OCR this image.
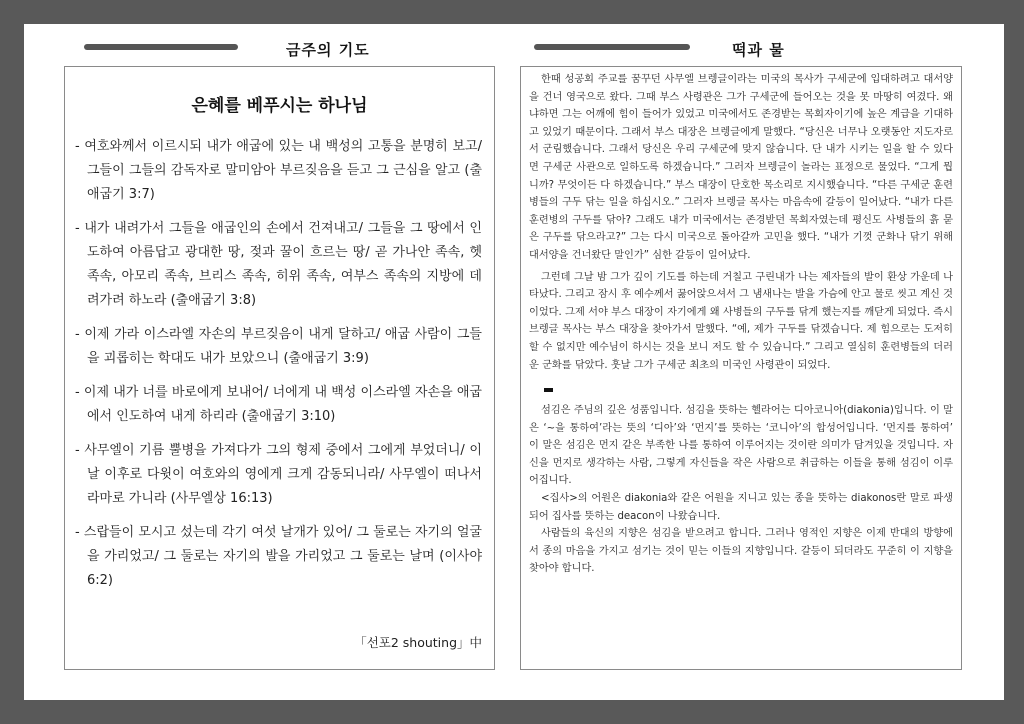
금주의 기도
은혜를 베푸시는 하나님

- 여호와께서 이르시되 내가 애굽에 있는 내 백성의 고통을 분명히 보고/ 그들이 그들의 감독자로 말미암아 부르짖음을 듣고 그 근심을 알고 (출애굽기 3:7)

- 내가 내려가서 그들을 애굽인의 손에서 건져내고/ 그들을 그 땅에서 인도하여 아름답고 광대한 땅, 젖과 꿀이 흐르는 땅/ 곧 가나안 족속, 헷 족속, 아모리 족속, 브리스 족속, 히위 족속, 여부스 족속의 지방에 데려가려 하노라 (출애굽기 3:8)

- 이제 가라 이스라엘 자손의 부르짖음이 내게 달하고/ 애굽 사람이 그들을 괴롭히는 학대도 내가 보았으니 (출애굽기 3:9)

- 이제 내가 너를 바로에게 보내어/ 너에게 내 백성 이스라엘 자손을 애굽에서 인도하여 내게 하리라 (출애굽기 3:10)

- 사무엘이 기름 뿔병을 가져다가 그의 형제 중에서 그에게 부었더니/ 이 날 이후로 다윗이 여호와의 영에게 크게 감동되니라/ 사무엘이 떠나서 라마로 가니라 (사무엘상 16:13)

- 스랍들이 모시고 섰는데 각기 여섯 날개가 있어/ 그 둘로는 자기의 얼굴을 가리었고/ 그 둘로는 자기의 발을 가리었고 그 둘로는 날며 (이사야 6:2)

「선포2 shouting」中
떡과 물

한때 성공회 주교를 꿈꾸던 사무엘 브렝글이라는 미국의 목사가 구세군에 입대하려고 대서양을 건너 영국으로 왔다. 그때 부스 사령관은 그가 구세군에 들어오는 것을 못 마땅히 여겼다. 왜냐하면 그는 어깨에 힘이 들어가 있었고 미국에서도 존경받는 목회자이기에 높은 계급을 기대하고 있었기 때문이다. 그래서 부스 대장은 브렝글에게 말했다. “당신은 너무나 오랫동안 지도자로서 군림했습니다. 그래서 당신은 우리 구세군에 맞지 않습니다. 단 내가 시키는 일을 할 수 있다면 구세군 사관으로 일하도록 하겠습니다.” 그러자 브렝글이 놀라는 표정으로 물었다. “그게 뭡니까? 무엇이든 다 하겠습니다.” 부스 대장이 단호한 목소리로 지시했습니다. “다른 구세군 훈련병들의 구두 닦는 일을 하십시오.” 그러자 브렝글 목사는 마음속에 갈등이 일어났다. “내가 다른 훈련병의 구두를 닦아? 그래도 내가 미국에서는 존경받던 목회자였는데 평신도 사병들의 흙 묻은 구두를 닦으라고?” 그는 다시 미국으로 돌아갈까 고민을 했다. “내가 기껏 군화나 닦기 위해 대서양을 건너왔단 말인가” 심한 갈등이 일어났다.

그런데 그날 밤 그가 깊이 기도를 하는데 거칠고 구린내가 나는 제자들의 발이 환상 가운데 나타났다. 그리고 잠시 후 예수께서 꿇어앉으셔서 그 냄새나는 발을 가슴에 안고 물로 씻고 계신 것이었다. 그제 서야 부스 대장이 자기에게 왜 사병들의 구두를 닦게 했는지를 깨닫게 되었다. 즉시 브렝글 목사는 부스 대장을 찾아가서 말했다. “예, 제가 구두를 닦겠습니다. 제 힘으로는 도저히 할 수 없지만 예수님이 하시는 것을 보니 저도 할 수 있습니다.” 그리고 열심히 훈련병들의 더러운 군화를 닦았다. 훗날 그가 구세군 최초의 미국인 사령관이 되었다.

섬김은 주님의 깊은 성품입니다. 섬김을 뜻하는 헬라어는 디아코니아(diakonia)입니다. 이 말은 ‘~을 통하여’라는 뜻의 ‘디아’와 ‘먼지’를 뜻하는 ‘코니아’의 합성어입니다. ‘먼지를 통하여’ 이 말은 섬김은 먼지 같은 부족한 나를 통하여 이루어지는 것이란 의미가 담겨있을 것입니다. 자신을 먼지로 생각하는 사람, 그렇게 자신들을 작은 사람으로 취급하는 이들을 통해 섬김이 이루어집니다.

<집사>의 어원은 diakonia와 같은 어원을 지니고 있는 종을 뜻하는 diakonos란 말로 파생되어 집사를 뜻하는 deacon이 나왔습니다.

사람들의 육신의 지향은 섬김을 받으려고 합니다. 그러나 영적인 지향은 이제 반대의 방향에서 종의 마음을 가지고 섬기는 것이 믿는 이들의 지향입니다. 갈등이 되더라도 꾸준히 이 지향을 찾아야 합니다.
